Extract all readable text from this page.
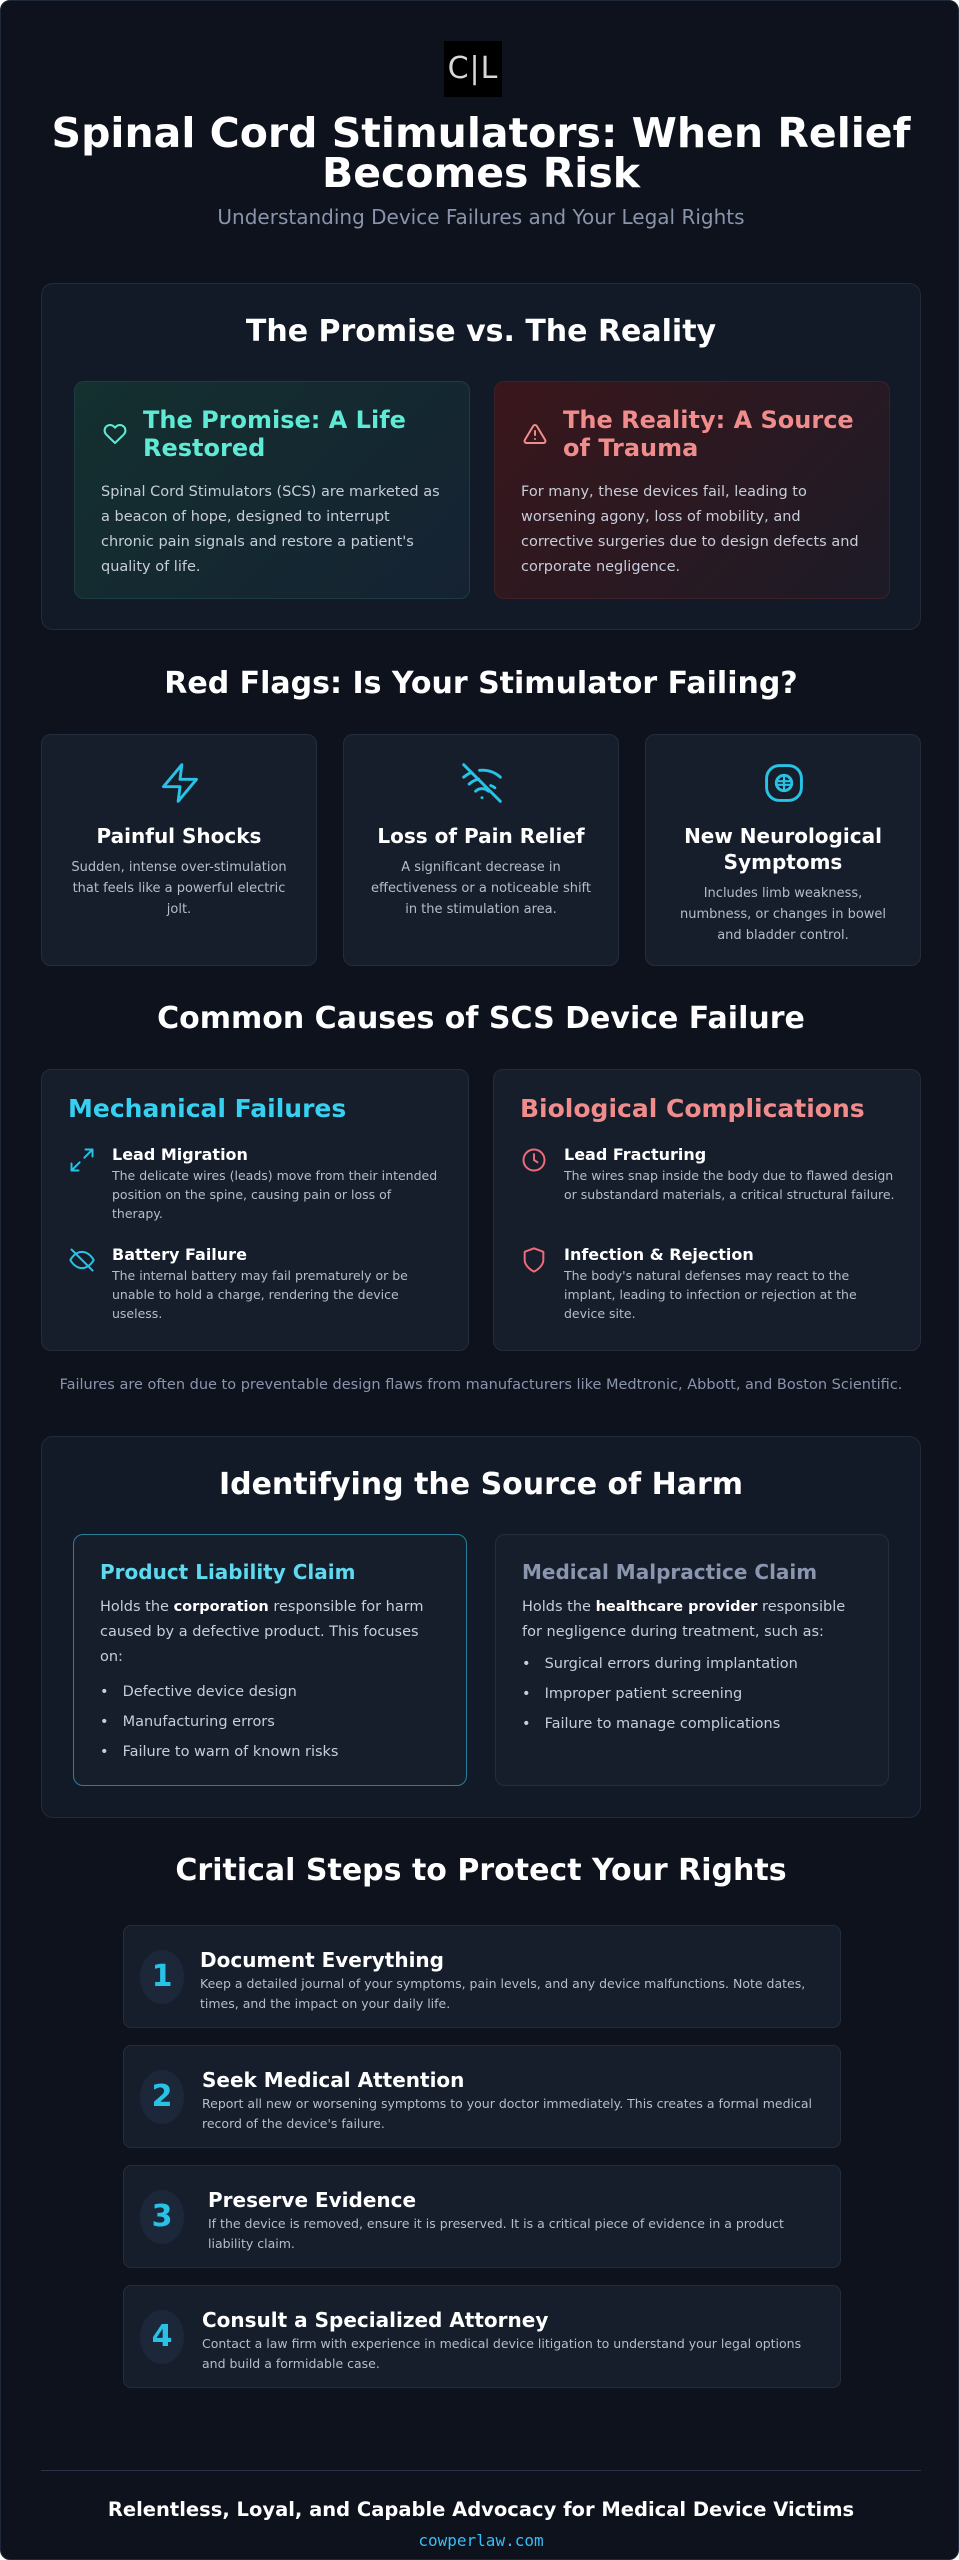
C|L
Spinal Cord Stimulators: When Relief Becomes Risk
Understanding Device Failures and Your Legal Rights
The Promise vs. The Reality
The Promise: A Life Restored
Spinal Cord Stimulators (SCS) are marketed as a beacon of hope, designed to interrupt chronic pain signals and restore a patient's quality of life.
The Reality: A Source of Trauma
For many, these devices fail, leading to worsening agony, loss of mobility, and corrective surgeries due to design defects and corporate negligence.
Red Flags: Is Your Stimulator Failing?
Painful Shocks
Sudden, intense over-stimulation that feels like a powerful electric jolt.
Loss of Pain Relief
A significant decrease in effectiveness or a noticeable shift in the stimulation area.
New Neurological Symptoms
Includes limb weakness, numbness, or changes in bowel and bladder control.
Common Causes of SCS Device Failure
Mechanical Failures
Lead Migration
The delicate wires (leads) move from their intended position on the spine, causing pain or loss of therapy.
Battery Failure
The internal battery may fail prematurely or be unable to hold a charge, rendering the device useless.
Biological Complications
Lead Fracturing
The wires snap inside the body due to flawed design or substandard materials, a critical structural failure.
Infection & Rejection
The body's natural defenses may react to the implant, leading to infection or rejection at the device site.
Failures are often due to preventable design flaws from manufacturers like Medtronic, Abbott, and Boston Scientific.
Identifying the Source of Harm
Product Liability Claim
Holds the corporation responsible for harm caused by a defective product. This focuses on:
• Defective device design
• Manufacturing errors
• Failure to warn of known risks
Medical Malpractice Claim
Holds the healthcare provider responsible for negligence during treatment, such as:
• Surgical errors during implantation
• Improper patient screening
• Failure to manage complications
Critical Steps to Protect Your Rights
1	Document Everything
Keep a detailed journal of your symptoms, pain levels, and any device malfunctions. Note dates, times, and the impact on your daily life.
2	Seek Medical Attention
Report all new or worsening symptoms to your doctor immediately. This creates a formal medical record of the device's failure.
3	Preserve Evidence
If the device is removed, ensure it is preserved. It is a critical piece of evidence in a product liability claim.
4	Consult a Specialized Attorney
Contact a law firm with experience in medical device litigation to understand your legal options and build a formidable case.
Relentless, Loyal, and Capable Advocacy for Medical Device Victims
cowperlaw.com
